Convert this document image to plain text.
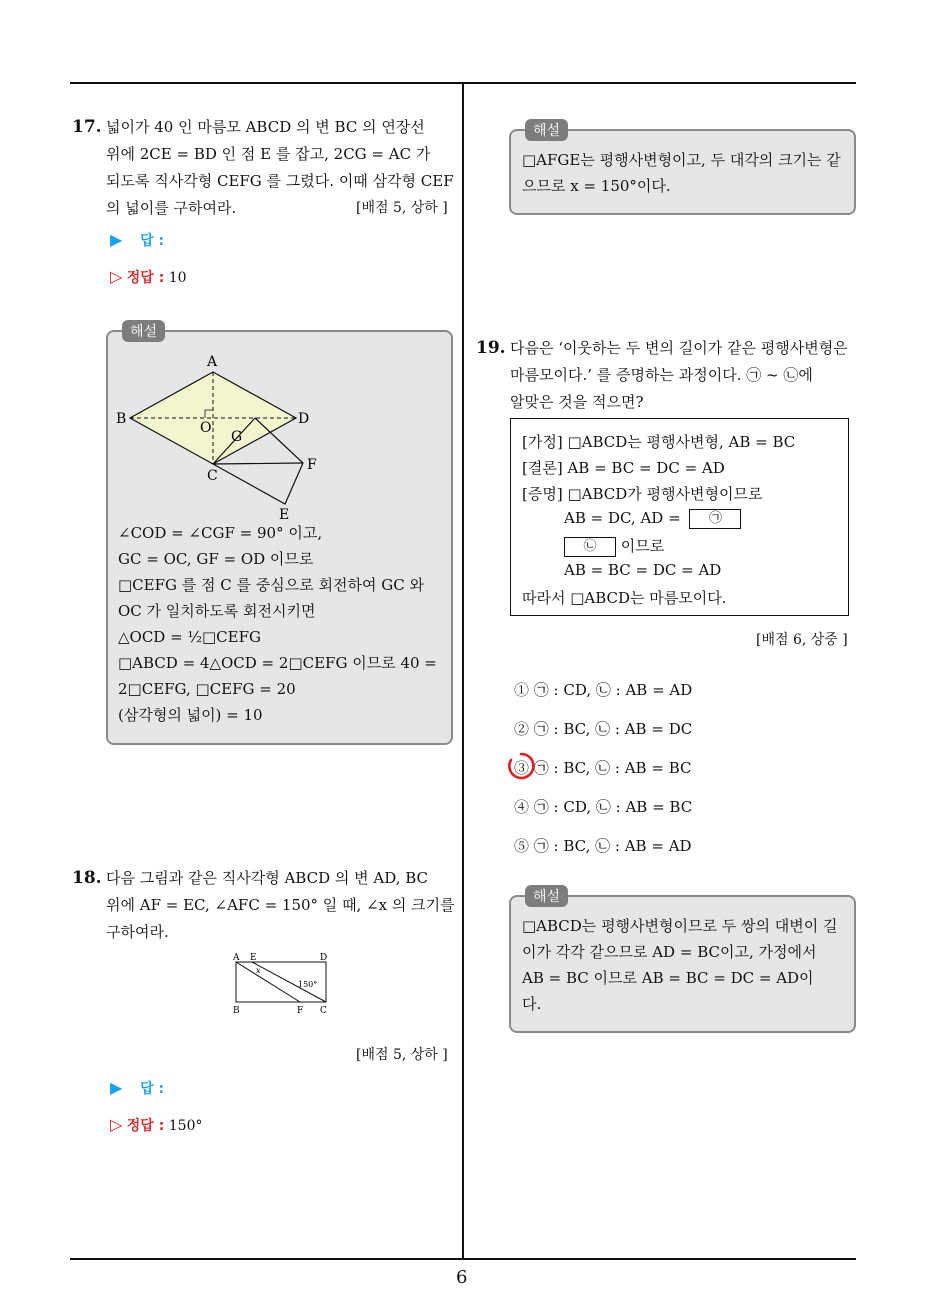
17. 넓이가 40 인 마름모 ABCD 의 변 BC 의 연장선
위에 2CE = BD 인 점 E 를 잡고, 2CG = AC 가
되도록 직사각형 CEFG 를 그렸다. 이때 삼각형 CEF
의 넓이를 구하여라.	[배점 5, 상하 ]
▶ 답 :
▷ 정답 : 10
해설
A
B	D
O
G
C
F
E
∠COD = ∠CGF = 90° 이고,
GC = OC, GF = OD 이므로
□CEFG 를 점 C 를 중심으로 회전하여 GC 와
OC 가 일치하도록 회전시키면
△OCD = ½□CEFG
□ABCD = 4△OCD = 2□CEFG 이므로 40 =
2□CEFG, □CEFG = 20
(삼각형의 넓이) = 10
18. 다음 그림과 같은 직사각형 ABCD 의 변 AD, BC
위에 AF = EC, ∠AFC = 150° 일 때, ∠x 의 크기를
구하여라.
A E	D
x
150°
B	F C
[배점 5, 상하 ]
▶ 답 :
▷ 정답 : 150°
해설
□AFGE는 평행사변형이고, 두 대각의 크기는 같
으므로 x = 150°이다.
19. 다음은 ‘이웃하는 두 변의 길이가 같은 평행사변형은
마름모이다.’ 를 증명하는 과정이다. ㉠ ~ ㉡에
알맞은 것을 적으면?
[가정] □ABCD는 평행사변형, AB = BC
[결론] AB = BC = DC = AD
[증명] □ABCD가 평행사변형이므로
AB = DC, AD = ㉠
㉡ 이므로
AB = BC = DC = AD
따라서 □ABCD는 마름모이다.
[배점 6, 상중 ]
① ㉠ : CD, ㉡ : AB = AD
② ㉠ : BC, ㉡ : AB = DC
③ ㉠ : BC, ㉡ : AB = BC
④ ㉠ : CD, ㉡ : AB = BC
⑤ ㉠ : BC, ㉡ : AB = AD
해설
□ABCD는 평행사변형이므로 두 쌍의 대변이 길
이가 각각 같으므로 AD = BC이고, 가정에서
AB = BC 이므로 AB = BC = DC = AD이
다.
6
